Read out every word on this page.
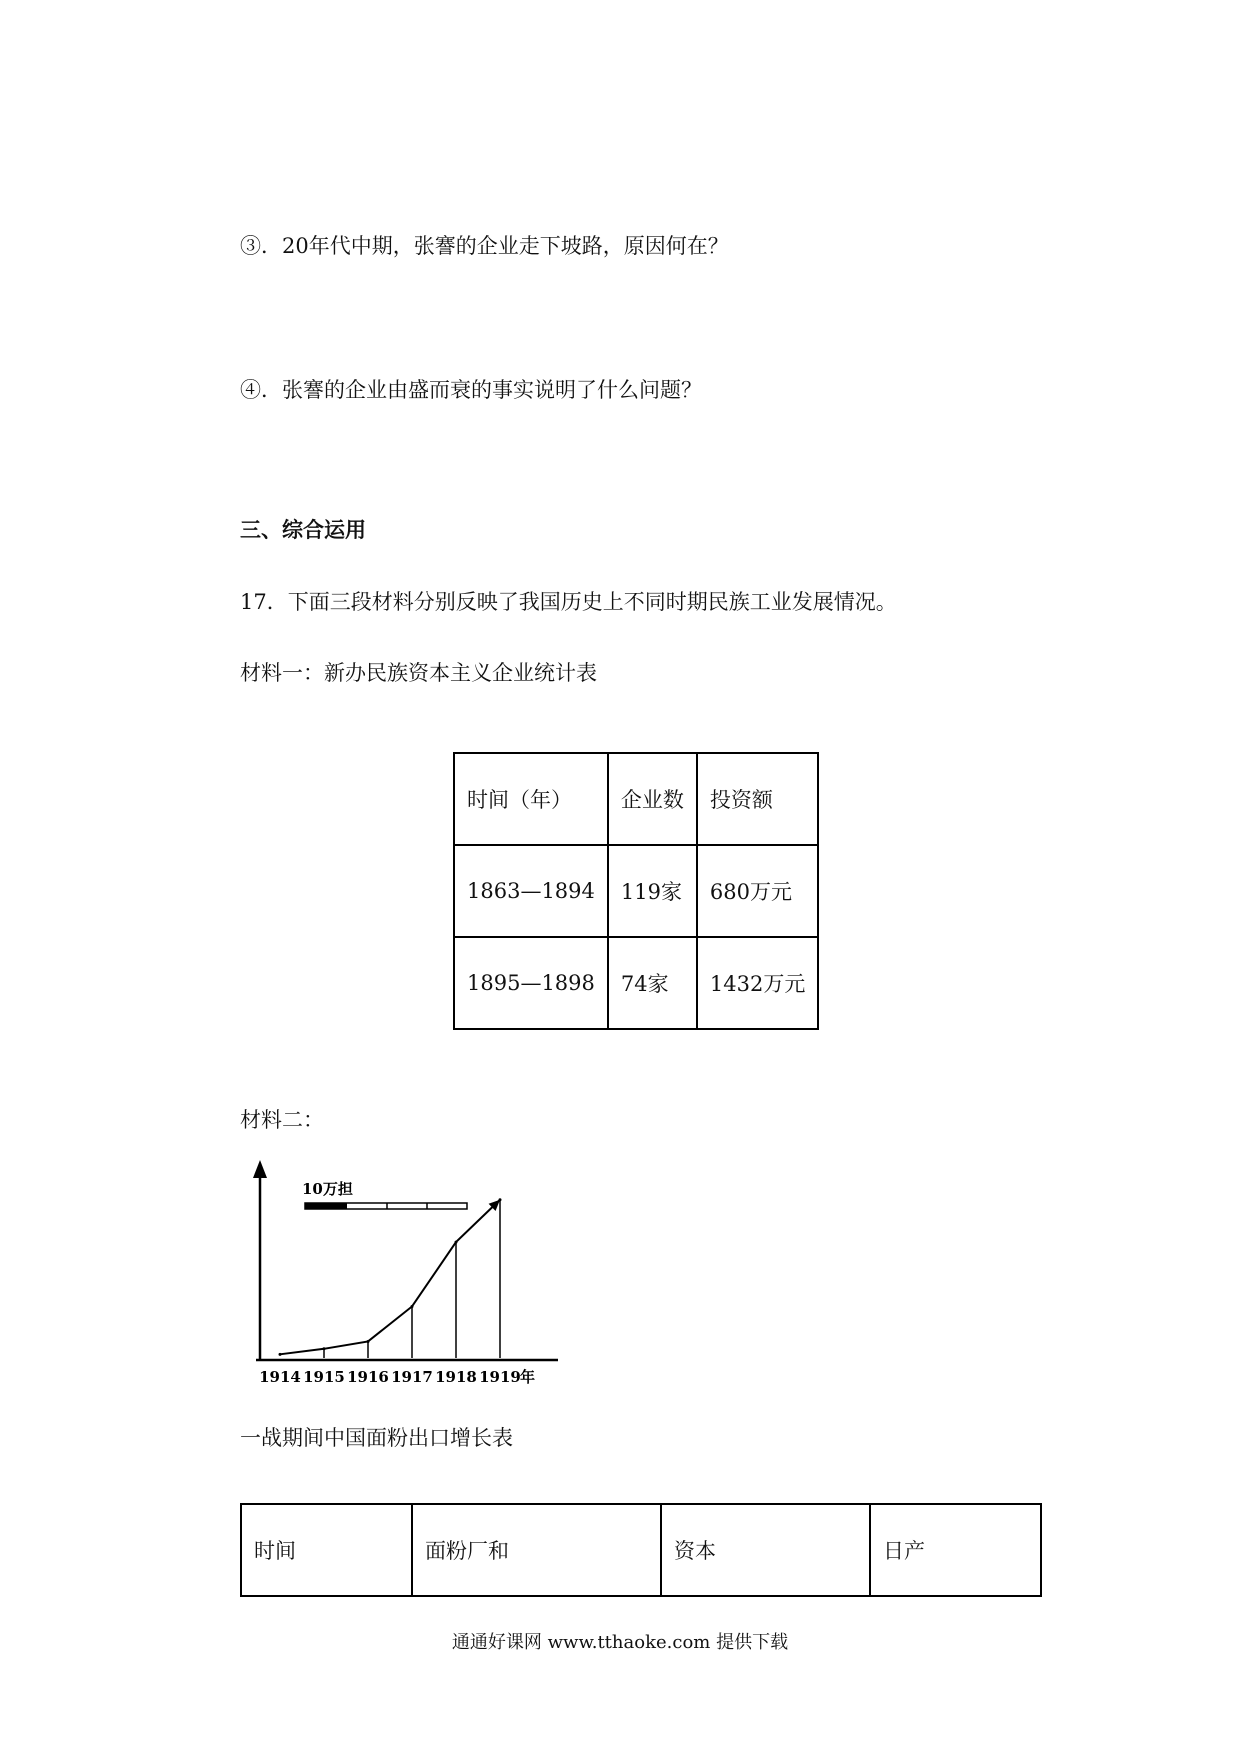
③．20年代中期，张謇的企业走下坡路，原因何在？
④．张謇的企业由盛而衰的事实说明了什么问题？
三、综合运用
17．下面三段材料分别反映了我国历史上不同时期民族工业发展情况。
材料一：新办民族资本主义企业统计表
时间（年）	企业数	投资额
1863—1894	119家	680万元
1895—1898	74家	1432万元
材料二：
10万担
1914 1915 1916 1917 1918 1919 年
一战期间中国面粉出口增长表
时间	面粉厂和	资本	日产
通通好课网 www.tthaoke.com 提供下载
